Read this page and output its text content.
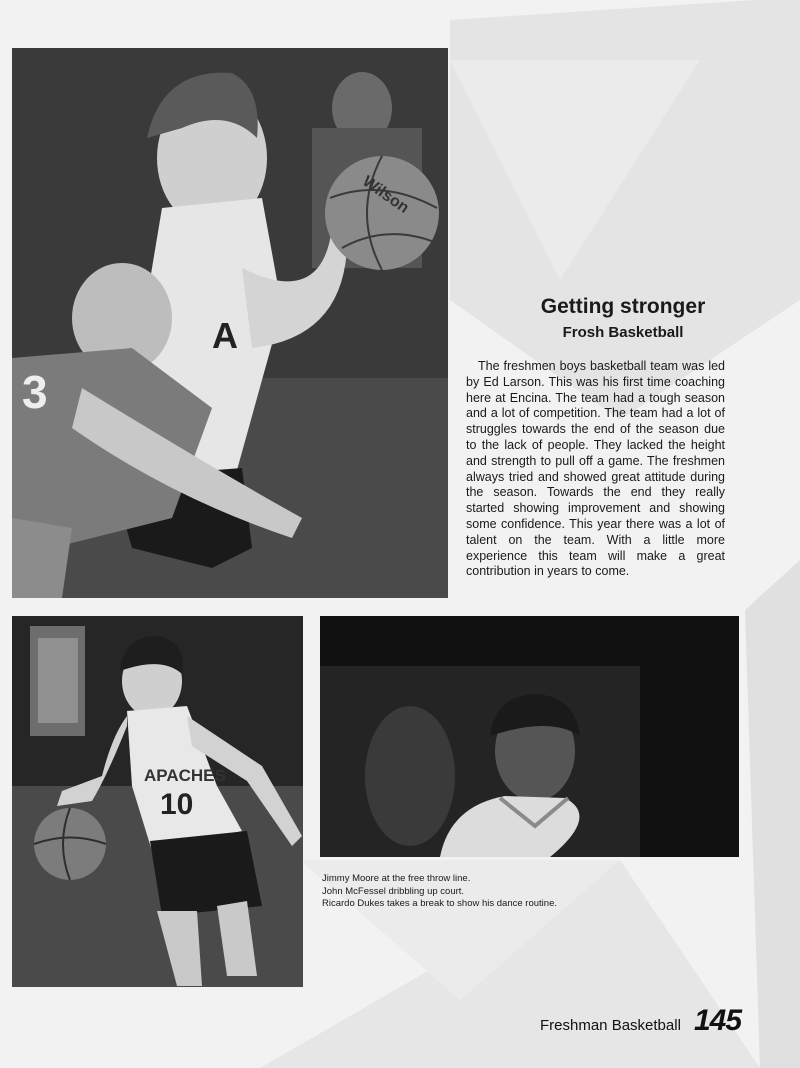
A
3
Wilson
Getting stronger
Frosh Basketball

The freshmen boys basketball team was led by Ed Larson. This was his first time coaching here at Encina. The team had a tough season and a lot of competition. The team had a lot of struggles towards the end of the season due to the lack of people. They lacked the height and strength to pull off a game. The freshmen always tried and showed great attitude during the season. Towards the end they really started showing improvement and showing some confidence. This year there was a lot of talent on the team. With a little more experience this team will make a great contribution in years to come.

APACHES
10
Jimmy Moore at the free throw line.
John McFessel dribbling up court.
Ricardo Dukes takes a break to show his dance routine.
Freshman Basketball 145
